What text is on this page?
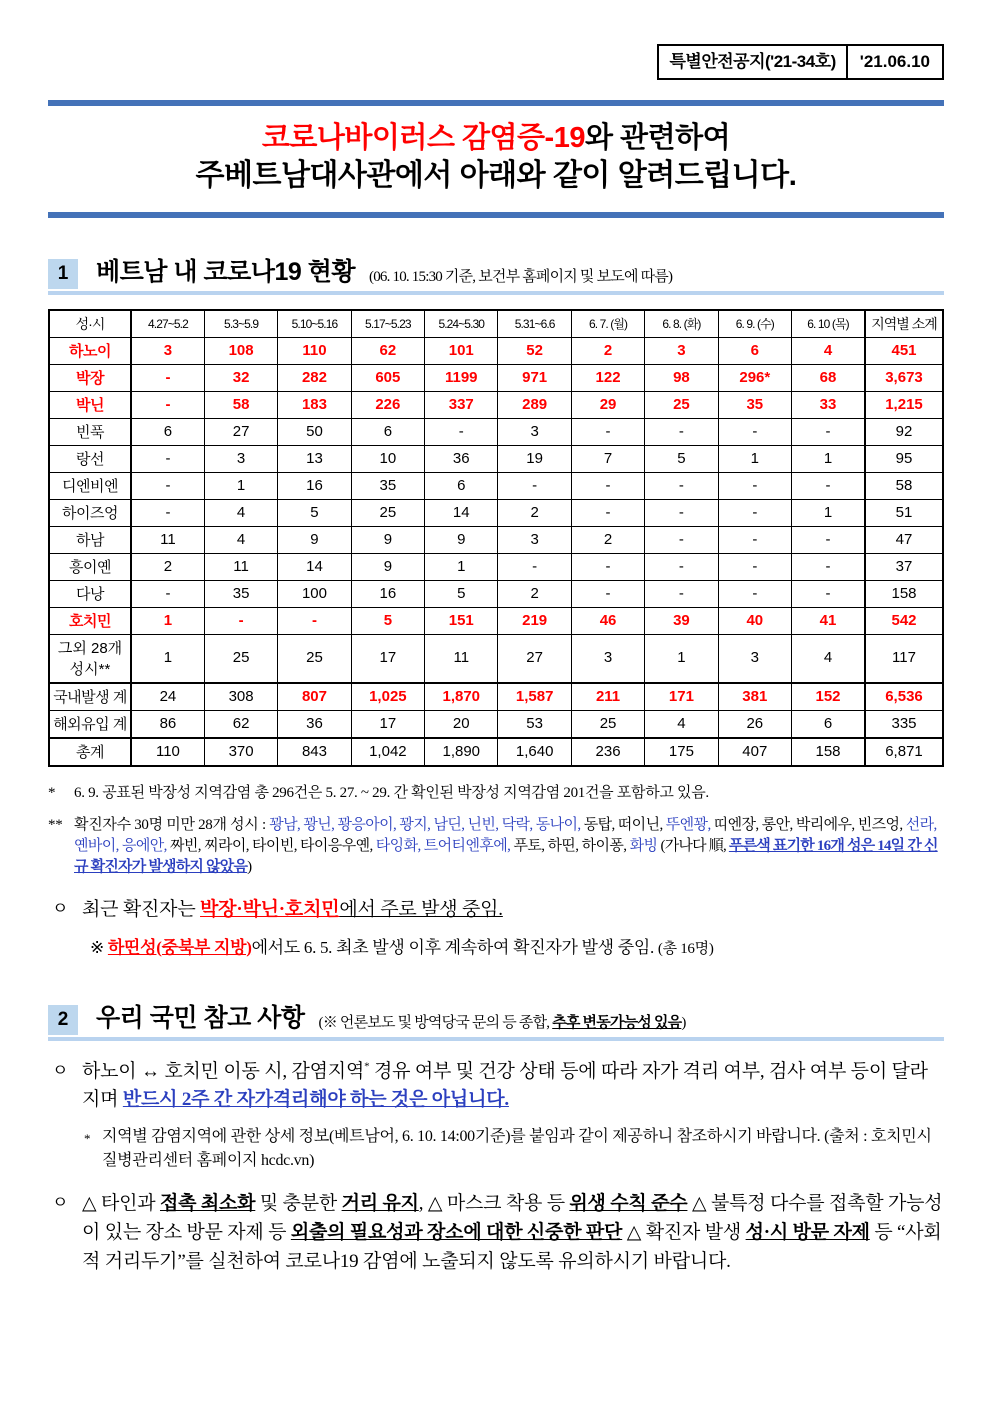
특별안전공지('21-34호)	'21.06.10
코로나바이러스 감염증-19와 관련하여
주베트남대사관에서 아래와 같이 알려드립니다.
1	베트남 내 코로나19 현황 (06. 10. 15:30 기준, 보건부 홈페이지 및 보도에 따름)
성·시	4.27~5.2	5.3~5.9	5.10~5.16	5.17~5.23	5.24~5.30	5.31~6.6	6. 7. (월)	6. 8. (화)	6. 9. (수)	6. 10 (목)	지역별 소계
하노이	3	108	110	62	101	52	2	3	6	4	451
박장	-	32	282	605	1199	971	122	98	296*	68	3,673
박닌	-	58	183	226	337	289	29	25	35	33	1,215
빈푹	6	27	50	6	-	3	-	-	-	-	92
랑선	-	3	13	10	36	19	7	5	1	1	95
디엔비엔	-	1	16	35	6	-	-	-	-	-	58
하이즈엉	-	4	5	25	14	2	-	-	-	1	51
하남	11	4	9	9	9	3	2	-	-	-	47
흥이옌	2	11	14	9	1	-	-	-	-	-	37
다낭	-	35	100	16	5	2	-	-	-	-	158
호치민	1	-	-	5	151	219	46	39	40	41	542
그외 28개 성시**	1	25	25	17	11	27	3	1	3	4	117
국내발생 계	24	308	807	1,025	1,870	1,587	211	171	381	152	6,536
해외유입 계	86	62	36	17	20	53	25	4	26	6	335
총계	110	370	843	1,042	1,890	1,640	236	175	407	158	6,871
*	6. 9. 공표된 박장성 지역감염 총 296건은 5. 27. ~ 29. 간 확인된 박장성 지역감염 201건을 포함하고 있음.
** 확진자수 30명 미만 28개 성시 : 꽝남, 꽝닌, 꽝응아이, 꽝지, 남딘, 닌빈, 닥락, 동나이, 동탑, 떠이닌, 뚜엔꽝, 띠엔장, 롱안, 박리에우, 빈즈엉, 선라, 옌바이, 응에안, 짜빈, 찌라이, 타이빈, 타이응우옌, 타잉화, 트어티엔후에, 푸토, 하띤, 하이퐁, 화빙 (가나다 順, 푸른색 표기한 16개 성은 14일 간 신규 확진자가 발생하지 않았음)
ㅇ 최근 확진자는 박장·박닌·호치민에서 주로 발생 중임.
※ 하띤성(중북부 지방)에서도 6. 5. 최초 발생 이후 계속하여 확진자가 발생 중임. (총 16명)
2	우리 국민 참고 사항 (※ 언론보도 및 방역당국 문의 등 종합, 추후 변동가능성 있음)
ㅇ 하노이 ↔ 호치민 이동 시, 감염지역* 경유 여부 및 건강 상태 등에 따라 자가 격리 여부, 검사 여부 등이 달라지며 반드시 2주 간 자가격리해야 하는 것은 아닙니다.
* 지역별 감염지역에 관한 상세 정보(베트남어, 6. 10. 14:00기준)를 붙임과 같이 제공하니 참조하시기 바랍니다. (출처 : 호치민시 질병관리센터 홈페이지 hcdc.vn)
ㅇ △ 타인과 접촉 최소화 및 충분한 거리 유지, △ 마스크 착용 등 위생 수칙 준수 △ 불특정 다수를 접촉할 가능성이 있는 장소 방문 자제 등 외출의 필요성과 장소에 대한 신중한 판단 △ 확진자 발생 성·시 방문 자제 등 “사회적 거리두기”를 실천하여 코로나19 감염에 노출되지 않도록 유의하시기 바랍니다.
